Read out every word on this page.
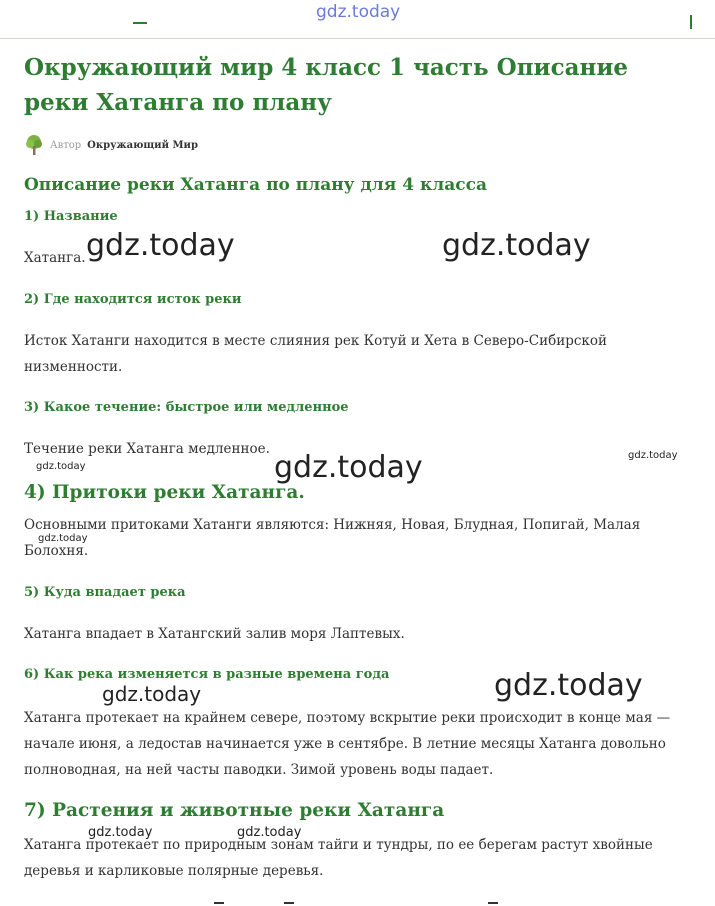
gdz.today
Окружающий мир 4 класс 1 часть Описание реки Хатанга по плану
Автор Окружающий Мир
Описание реки Хатанга по плану для 4 класса
1) Название

Хатанга.

2) Где находится исток реки

Исток Хатанги находится в месте слияния рек Котуй и Хета в Северо-Сибирской низменности.

3) Какое течение: быстрое или медленное

Течение реки Хатанга медленное.

4) Притоки реки Хатанга.

Основными притоками Хатанги являются: Нижняя, Новая, Блудная, Попигай, Малая Болохня.

5) Куда впадает река

Хатанга впадает в Хатангский залив моря Лаптевых.

6) Как река изменяется в разные времена года

Хатанга протекает на крайнем севере, поэтому вскрытие реки происходит в конце мая — начале июня, а ледостав начинается уже в сентябре. В летние месяцы Хатанга довольно полноводная, на ней часты паводки. Зимой уровень воды падает.

7) Растения и животные реки Хатанга

Хатанга протекает по природным зонам тайги и тундры, по ее берегам растут хвойные деревья и карликовые полярные деревья.

gdz.today	gdz.today
gdz.today	gdz.today	gdz.today
gdz.today
gdz.today	gdz.today
gdz.today	gdz.today
